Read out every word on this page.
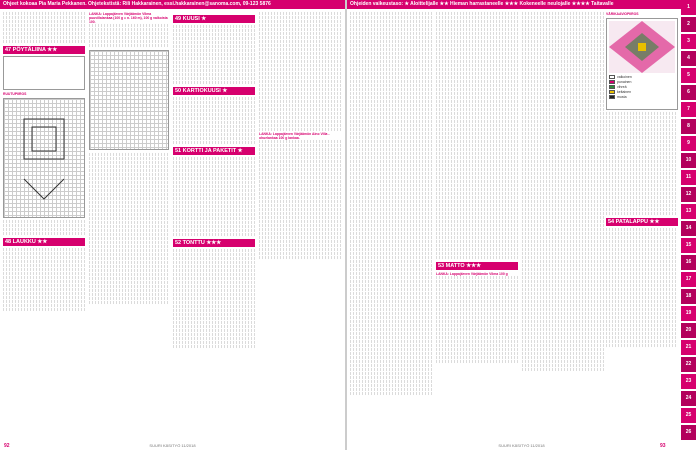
Ohjeet kokoaa Pia Maria Pekkanen. Ohjetekstistä: Rili Hakkarainen, essi.hakkarainen@sanoma.com, 09-123 5876	Ohjeiden vaikeustaso: ★ Aloittelijalle ★★ Hieman harrastaneelle ★★★ Kokeneelle neulojalle ★★★★ Taitavalle
47 PÖYTÄLIINA ★★
RUUTUPIIROS
48 LAUKKU ★★
LANKA: Lappajärven Värjäämön Vilma puuvillalankaa (100 g = n. 160 m), 100 g valkoista 100.	49 KUUSI ★
50 KARTIOKUUSI ★
51 KORTTI JA PAKETIT ★
52 TONTTU ★★★
LANKA: Lappajärven Värjäämön Aino Villa -ohuelankaa 100 g lankaa.
53 MATTO ★★★
LANKA: Lappajärven Värjäämön Vilma 100 g
VÄRIKAAVIOPIIROS
valkoinen
punainen
vihreä
keltainen
musta
54 PATALAPPU ★★
1
2
3
4
5
6
7
8
9
10
11
12
13
14
15
16
17
18
19
20
21
22
23
24
25
26
SUURI KÄSITYÖ 11/2018	SUURI KÄSITYÖ 11/2018
92	93
